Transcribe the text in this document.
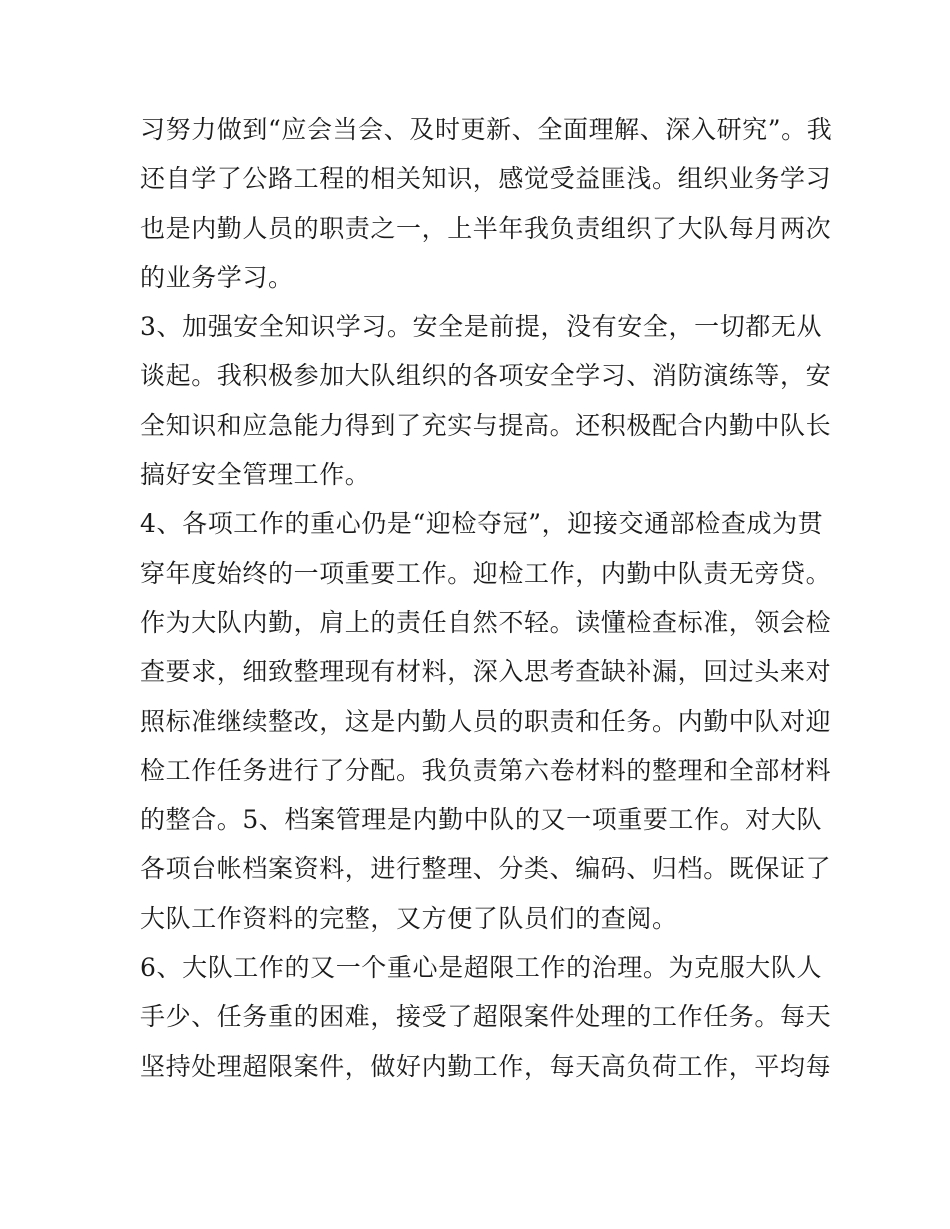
习努力做到“应会当会、及时更新、全面理解、深入研究”。我
还自学了公路工程的相关知识，感觉受益匪浅。组织业务学习
也是内勤人员的职责之一，上半年我负责组织了大队每月两次
的业务学习。
3、加强安全知识学习。安全是前提，没有安全，一切都无从
谈起。我积极参加大队组织的各项安全学习、消防演练等，安
全知识和应急能力得到了充实与提高。还积极配合内勤中队长
搞好安全管理工作。
4、各项工作的重心仍是“迎检夺冠”，迎接交通部检查成为贯
穿年度始终的一项重要工作。迎检工作，内勤中队责无旁贷。
作为大队内勤，肩上的责任自然不轻。读懂检查标准，领会检
查要求，细致整理现有材料，深入思考查缺补漏，回过头来对
照标准继续整改，这是内勤人员的职责和任务。内勤中队对迎
检工作任务进行了分配。我负责第六卷材料的整理和全部材料
的整合。5、档案管理是内勤中队的又一项重要工作。对大队
各项台帐档案资料，进行整理、分类、编码、归档。既保证了
大队工作资料的完整，又方便了队员们的查阅。
6、大队工作的又一个重心是超限工作的治理。为克服大队人
手少、任务重的困难，接受了超限案件处理的工作任务。每天
坚持处理超限案件，做好内勤工作，每天高负荷工作，平均每
